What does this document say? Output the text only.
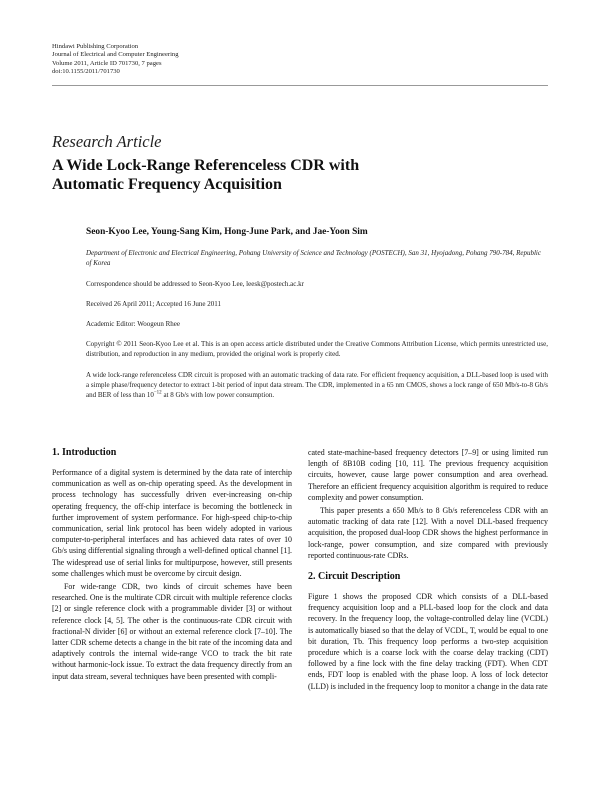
Hindawi Publishing Corporation
Journal of Electrical and Computer Engineering
Volume 2011, Article ID 701730, 7 pages
doi:10.1155/2011/701730
Research Article
A Wide Lock-Range Referenceless CDR with
Automatic Frequency Acquisition
Seon-Kyoo Lee, Young-Sang Kim, Hong-June Park, and Jae-Yoon Sim
Department of Electronic and Electrical Engineering, Pohang University of Science and Technology (POSTECH), San 31, Hyojadong, Pohang 790-784, Republic of Korea

Correspondence should be addressed to Seon-Kyoo Lee, leesk@postech.ac.kr

Received 26 April 2011; Accepted 16 June 2011

Academic Editor: Woogeun Rhee

Copyright © 2011 Seon-Kyoo Lee et al. This is an open access article distributed under the Creative Commons Attribution License, which permits unrestricted use, distribution, and reproduction in any medium, provided the original work is properly cited.

A wide lock-range referenceless CDR circuit is proposed with an automatic tracking of data rate. For efficient frequency acquisition, a DLL-based loop is used with a simple phase/frequency detector to extract 1-bit period of input data stream. The CDR, implemented in a 65 nm CMOS, shows a lock range of 650 Mb/s-to-8 Gb/s and BER of less than $10^{-12}$ at 8 Gb/s with low power consumption.

1. Introduction

Performance of a digital system is determined by the data rate of interchip communication as well as on-chip operating speed. As the development in process technology has successfully driven ever-increasing on-chip operating frequency, the off-chip interface is becoming the bottleneck in further improvement of system performance. For high-speed chip-to-chip communication, serial link protocol has been widely adopted in various computer-to-peripheral interfaces and has achieved data rates of over 10 Gb/s using differential signaling through a well-defined optical channel [1]. The widespread use of serial links for multipurpose, however, still presents some challenges which must be overcome by circuit design.

For wide-range CDR, two kinds of circuit schemes have been researched. One is the multirate CDR circuit with multiple reference clocks [2] or single reference clock with a programmable divider [3] or without reference clock [4, 5]. The other is the continuous-rate CDR circuit with fractional-N divider [6] or without an external reference clock [7–10]. The latter CDR scheme detects a change in the bit rate of the incoming data and adaptively controls the internal wide-range VCO to track the bit rate without harmonic-lock issue. To extract the data frequency directly from an input data stream, several techniques have been presented with compli-

cated state-machine-based frequency detectors [7–9] or using limited run length of 8B10B coding [10, 11]. The previous frequency acquisition circuits, however, cause large power consumption and area overhead. Therefore an efficient frequency acquisition algorithm is required to reduce complexity and power consumption.

This paper presents a 650 Mb/s to 8 Gb/s referenceless CDR with an automatic tracking of data rate [12]. With a novel DLL-based frequency acquisition, the proposed dual-loop CDR shows the highest performance in lock-range, power consumption, and size compared with previously reported continuous-rate CDRs.

2. Circuit Description

Figure 1 shows the proposed CDR which consists of a DLL-based frequency acquisition loop and a PLL-based loop for the clock and data recovery. In the frequency loop, the voltage-controlled delay line (VCDL) is automatically biased so that the delay of VCDL, T, would be equal to one bit duration, Tb. This frequency loop performs a two-step acquisition procedure which is a coarse lock with the coarse delay tracking (CDT) followed by a fine lock with the fine delay tracking (FDT). When CDT ends, FDT loop is enabled with the phase loop. A loss of lock detector (LLD) is included in the frequency loop to monitor a change in the data rate
